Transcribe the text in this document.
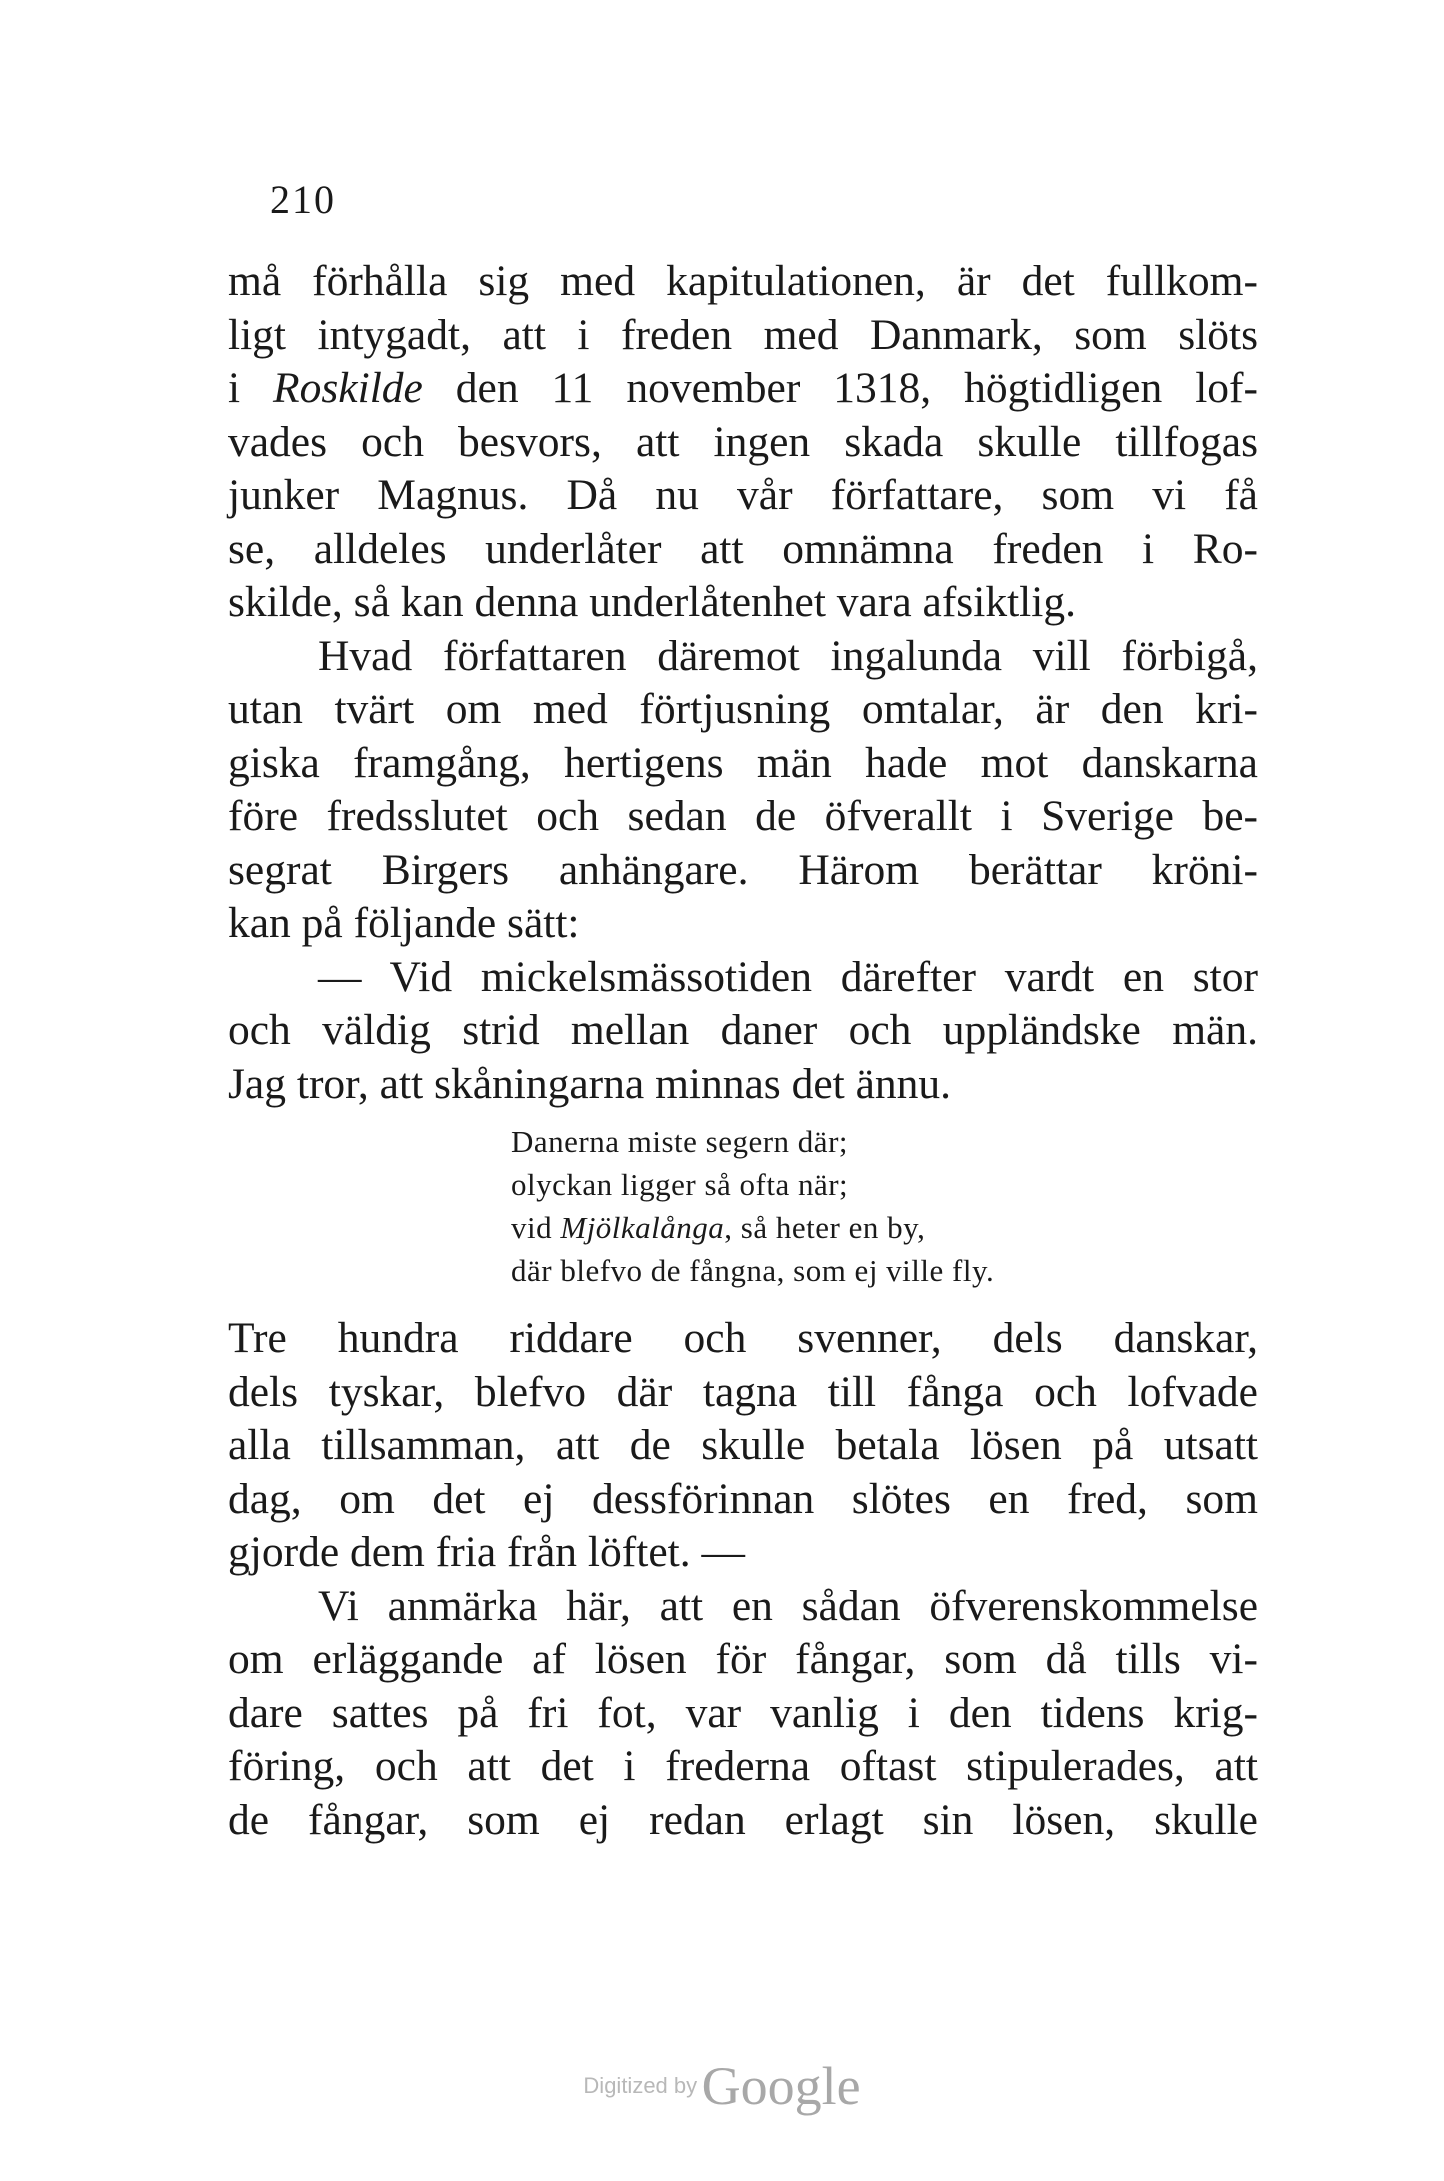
210
må förhålla sig med kapitulationen, är det fullkom-
ligt intygadt, att i freden med Danmark, som slöts
i Roskilde den 11 november 1318, högtidligen lof-
vades och besvors, att ingen skada skulle tillfogas
junker Magnus. Då nu vår författare, som vi få
se, alldeles underlåter att omnämna freden i Ro-
skilde, så kan denna underlåtenhet vara afsiktlig.
Hvad författaren däremot ingalunda vill förbigå,
utan tvärt om med förtjusning omtalar, är den kri-
giska framgång, hertigens män hade mot danskarna
före fredsslutet och sedan de öfverallt i Sverige be-
segrat Birgers anhängare. Härom berättar kröni-
kan på följande sätt:
— Vid mickelsmässotiden därefter vardt en stor
och väldig strid mellan daner och uppländske män.
Jag tror, att skåningarna minnas det ännu.
Danerna miste segern där;
olyckan ligger så ofta när;
vid Mjölkalånga, så heter en by,
där blefvo de fångna, som ej ville fly.
Tre hundra riddare och svenner, dels danskar,
dels tyskar, blefvo där tagna till fånga och lofvade
alla tillsamman, att de skulle betala lösen på utsatt
dag, om det ej dessförinnan slötes en fred, som
gjorde dem fria från löftet. —
Vi anmärka här, att en sådan öfverenskommelse
om erläggande af lösen för fångar, som då tills vi-
dare sattes på fri fot, var vanlig i den tidens krig-
föring, och att det i frederna oftast stipulerades, att
de fångar, som ej redan erlagt sin lösen, skulle
Digitized by Google
